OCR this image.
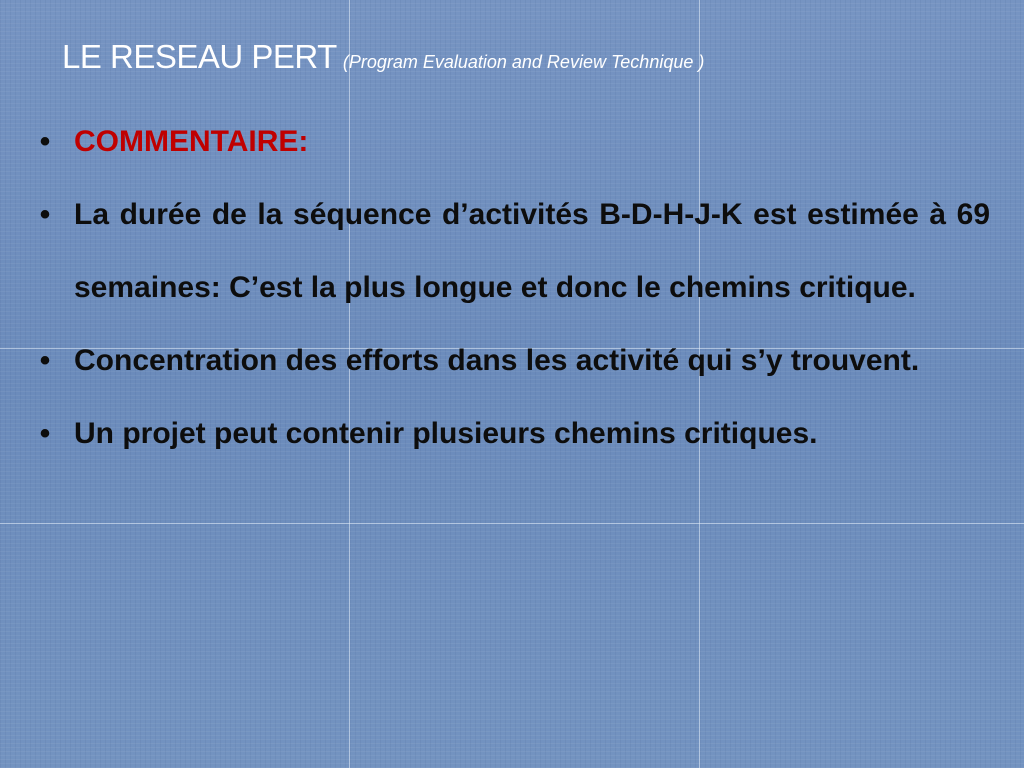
LE RESEAU PERT (Program Evaluation and Review Technique )
• COMMENTAIRE:
• La durée de la séquence d’activités B-D-H-J-K est estimée à 69 semaines: C’est la plus longue et donc le chemins critique.
• Concentration des efforts dans les activité qui s’y trouvent.
• Un projet peut contenir plusieurs chemins critiques.
